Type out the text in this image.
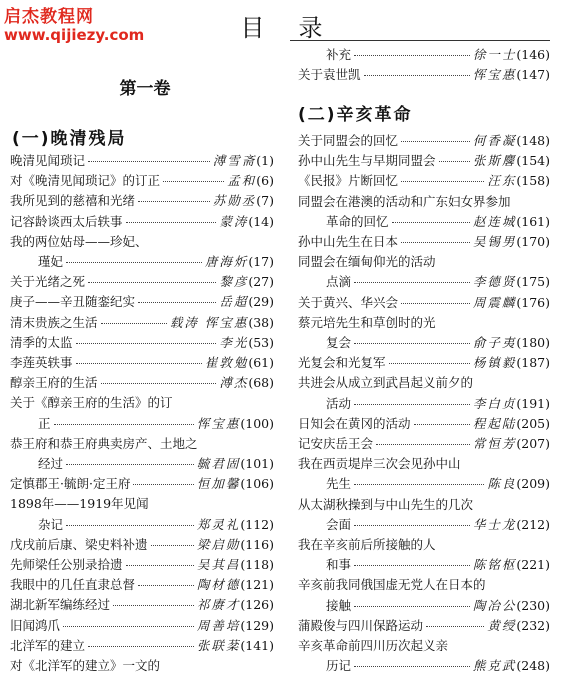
启杰教程网
www.qijiezy.com	目录
第一卷
(一)晚清残局
(二)辛亥革命
晚清见闻琐记	溥雪斋 (1)
对《晚清见闻琐记》的订正	孟和 (6)
我所见到的慈禧和光绪	苏勋丞 (7)
记容龄谈西太后轶事	蒙涛 (14)
我的两位姑母——珍妃、
瑾妃	唐海炘 (17)
关于光绪之死	黎彦 (27)
庚子——辛丑随銮纪实	岳超 (29)
清末贵族之生活	载涛 恽宝惠 (38)
清季的太监	李光 (53)
李莲英轶事	崔敦勉 (61)
醇亲王府的生活	溥杰 (68)
关于《醇亲王府的生活》的订
正	恽宝惠 (100)
恭王府和恭王府典卖房产、土地之
经过	毓君固 (101)
定慎郡王·毓朗·定王府	恒加馨 (106)
1898年——1919年见闻
杂记	郑灵礼 (112)
戊戌前后康、梁史料补遗	梁启勋 (116)
先师梁任公别录拾遗	吴其昌 (118)
我眼中的几任直隶总督	陶材德 (121)
湖北新军编练经过	祁赓才 (126)
旧闻鸿爪	周善培 (129)
北洋军的建立	张联棻 (141)
对《北洋军的建立》一文的
补充	徐一士 (146)
关于袁世凯	恽宝惠 (147)
关于同盟会的回忆	何香凝 (148)
孙中山先生与早期同盟会	张斯麐 (154)
《民报》片断回忆	汪东 (158)
同盟会在港澳的活动和广东妇女界参加
革命的回忆	赵连城 (161)
孙中山先生在日本	吴锡男 (170)
同盟会在缅甸仰光的活动
点滴	李德贤 (175)
关于黄兴、华兴会	周震麟 (176)
蔡元培先生和草创时的光
复会	俞子夷 (180)
光复会和光复军	杨镇毅 (187)
共进会从成立到武昌起义前夕的
活动	李白贞 (191)
日知会在黄冈的活动	程起陆 (205)
记安庆岳王会	常恒芳 (207)
我在西贡堤岸三次会见孙中山
先生	陈良 (209)
从太湖秋操到与中山先生的几次
会面	华士龙 (212)
我在辛亥前后所接触的人
和事	陈铭枢 (221)
辛亥前我同俄国虚无党人在日本的
接触	陶冶公 (230)
蒲殿俊与四川保路运动	黄绶 (232)
辛亥革命前四川历次起义亲
历记	熊克武 (248)
